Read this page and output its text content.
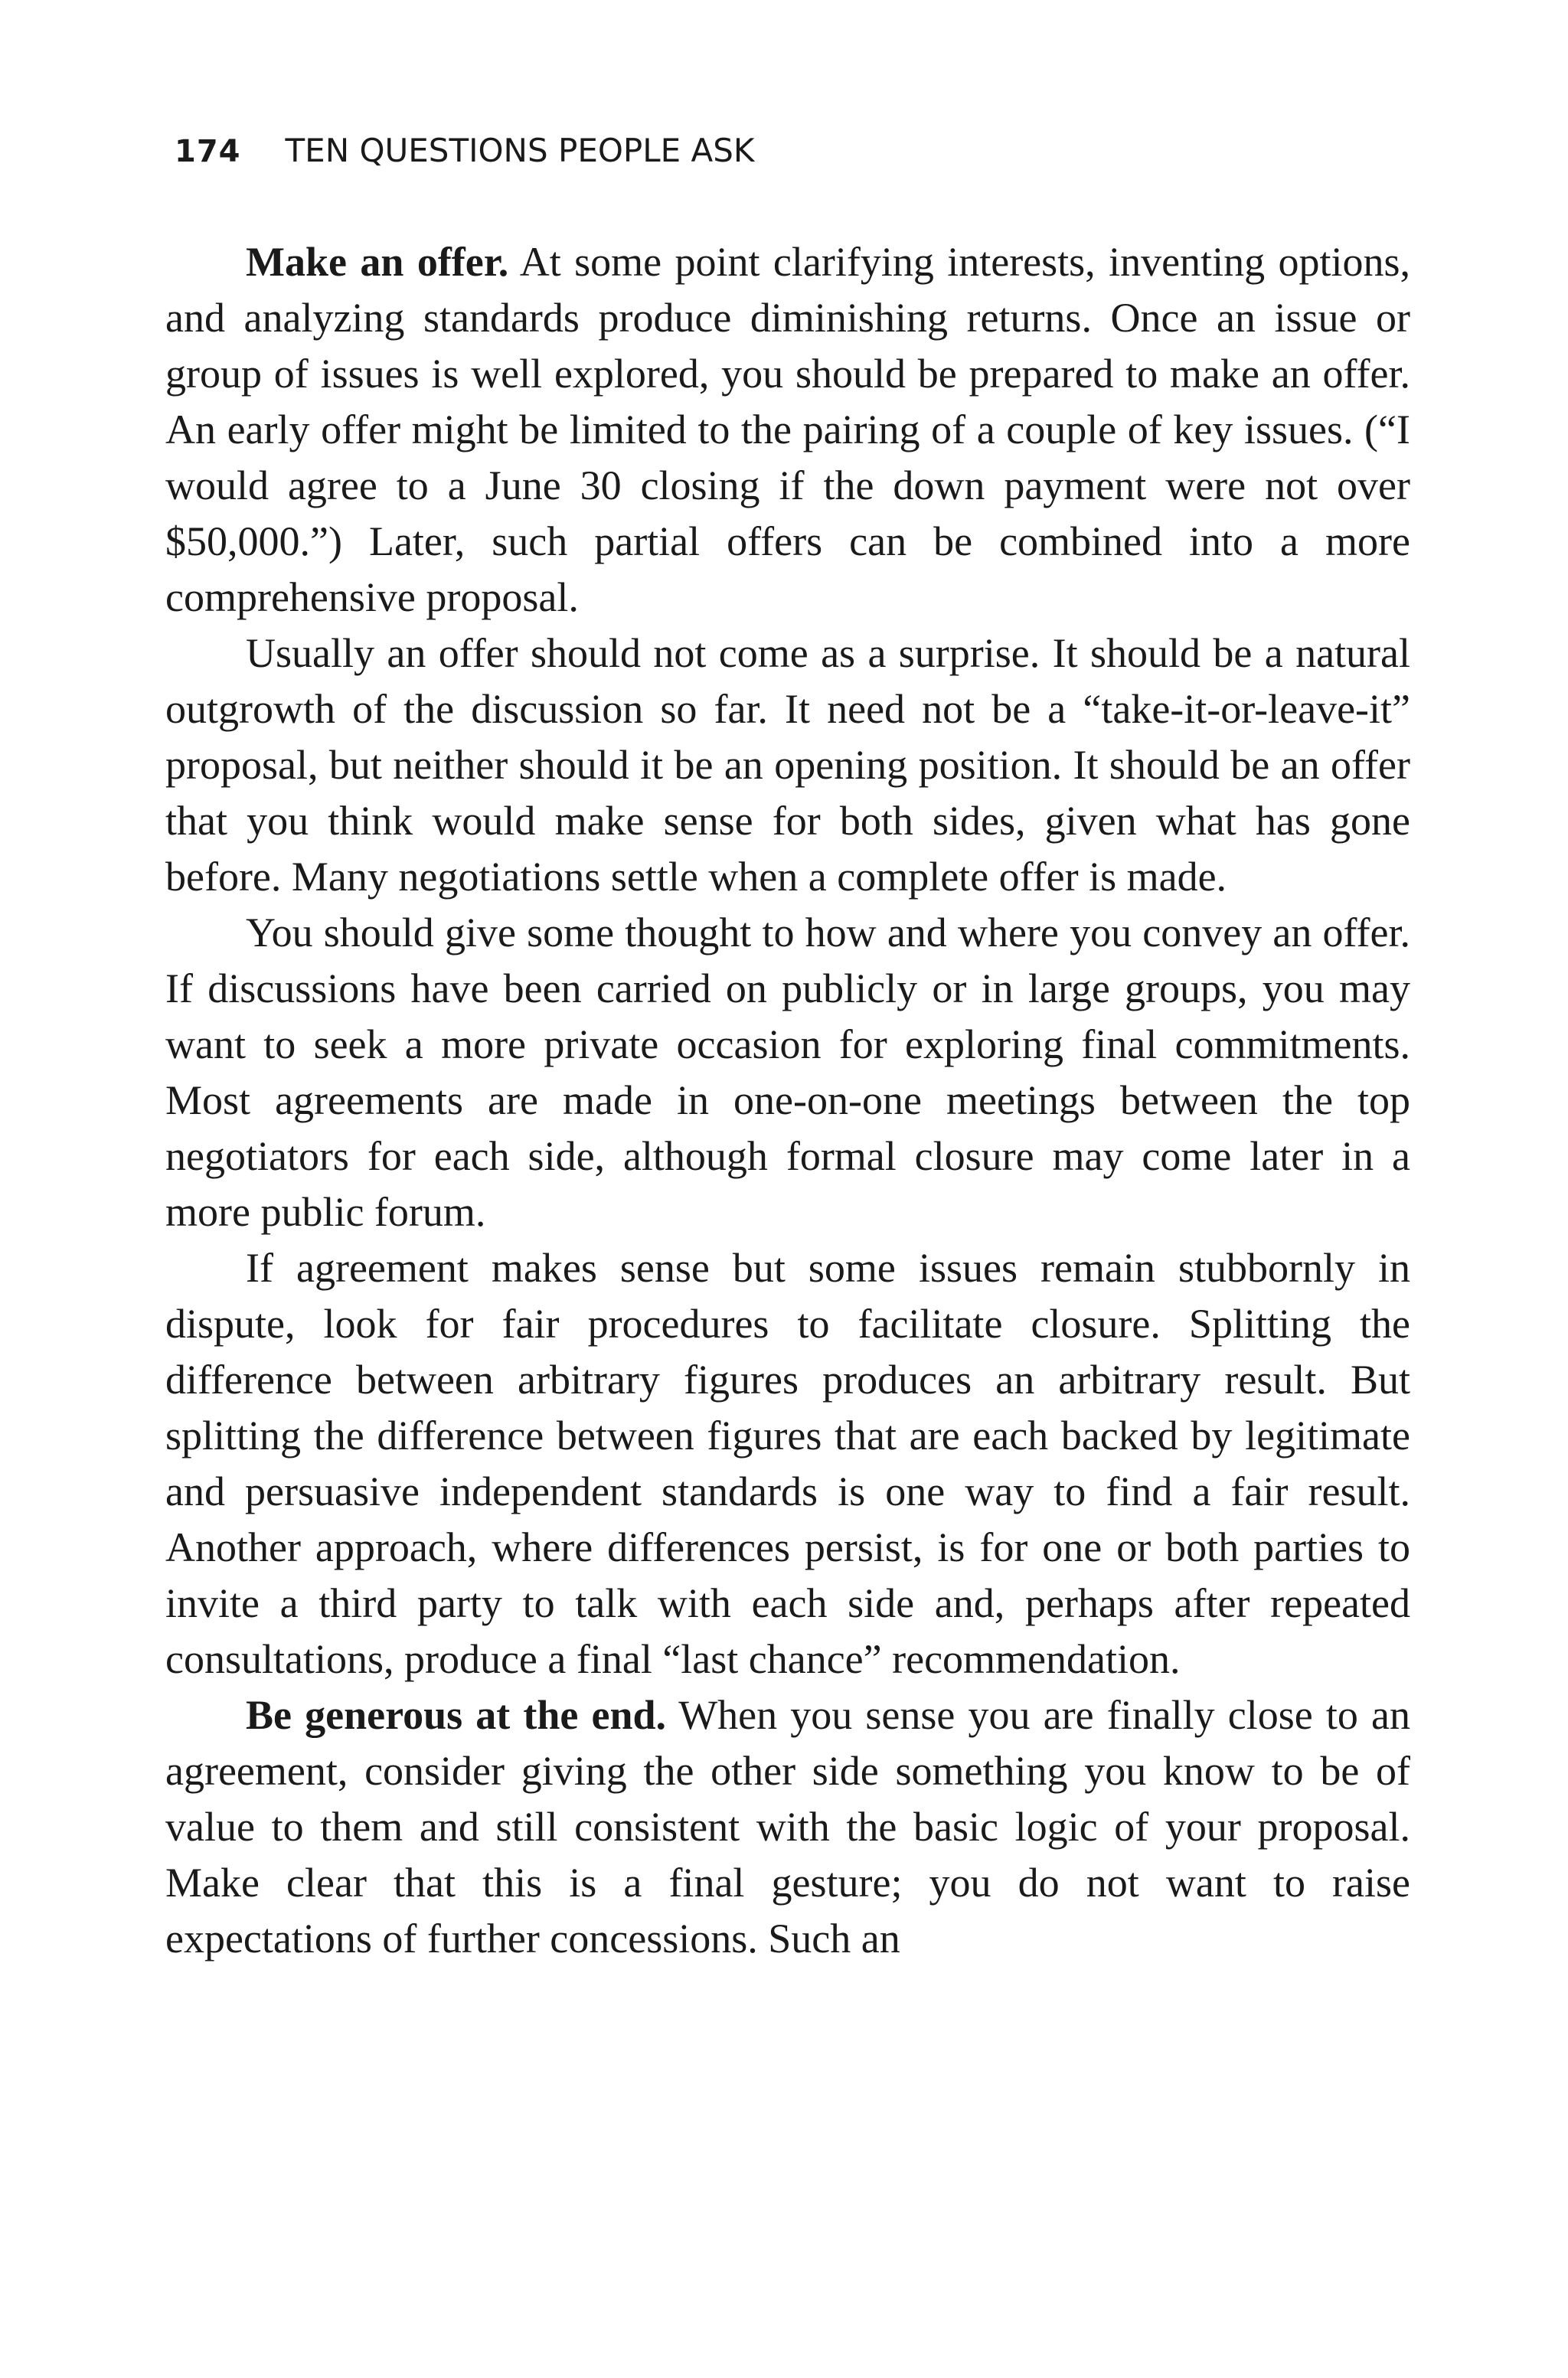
174 TEN QUESTIONS PEOPLE ASK

Make an offer. At some point clarifying interests, inventing options, and analyzing standards produce diminishing returns. Once an issue or group of issues is well explored, you should be prepared to make an offer. An early offer might be limited to the pairing of a couple of key issues. (“I would agree to a June 30 closing if the down payment were not over $50,000.”) Later, such partial offers can be combined into a more comprehensive proposal.

Usually an offer should not come as a surprise. It should be a natural outgrowth of the discussion so far. It need not be a “take-it-or-leave-it” proposal, but neither should it be an opening position. It should be an offer that you think would make sense for both sides, given what has gone before. Many negotiations settle when a complete offer is made.

You should give some thought to how and where you convey an offer. If discussions have been carried on publicly or in large groups, you may want to seek a more private occasion for exploring final commitments. Most agreements are made in one-on-one meetings between the top negotiators for each side, although formal closure may come later in a more public forum.

If agreement makes sense but some issues remain stubbornly in dispute, look for fair procedures to facilitate closure. Splitting the difference between arbitrary figures produces an arbitrary result. But splitting the difference between figures that are each backed by legitimate and persuasive independent standards is one way to find a fair result. Another approach, where differences persist, is for one or both parties to invite a third party to talk with each side and, perhaps after repeated consultations, produce a final “last chance” recommendation.

Be generous at the end. When you sense you are finally close to an agreement, consider giving the other side something you know to be of value to them and still consistent with the basic logic of your proposal. Make clear that this is a final gesture; you do not want to raise expectations of further concessions. Such an
